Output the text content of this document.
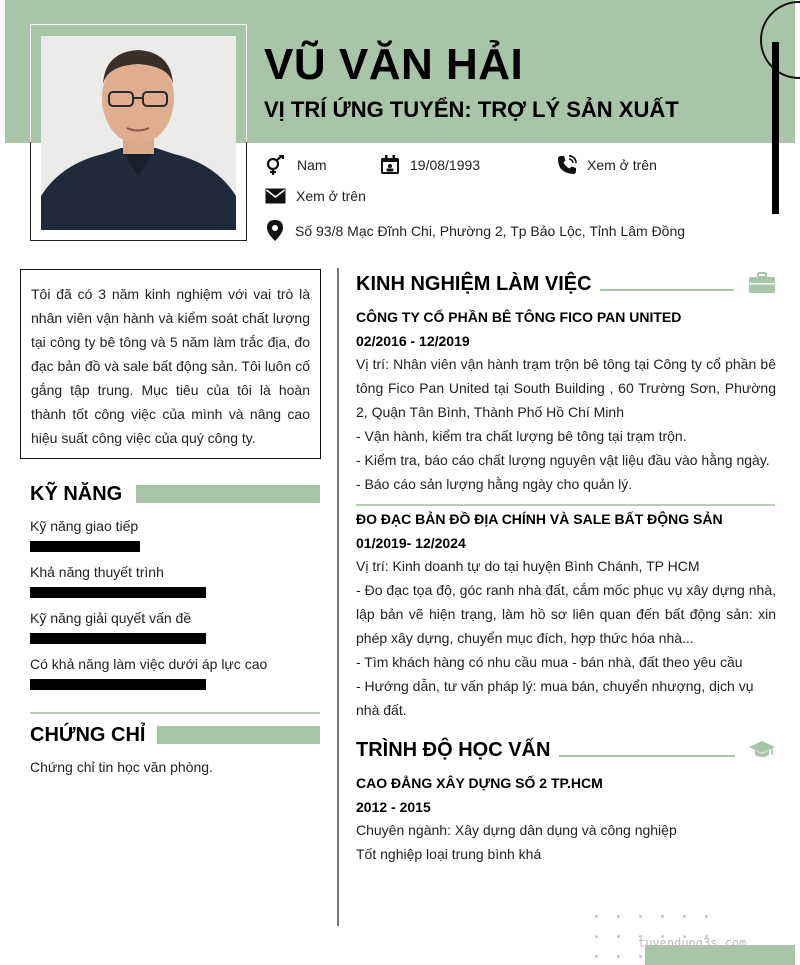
VŨ VĂN HẢI
VỊ TRÍ ỨNG TUYỂN: TRỢ LÝ SẢN XUẤT
Nam	19/08/1993	Xem ở trên
Xem ở trên
Số 93/8 Mạc Đĩnh Chi, Phường 2, Tp Bảo Lộc, Tỉnh Lâm Đồng
Tôi đã có 3 năm kinh nghiệm với vai trò là nhân viên vận hành và kiểm soát chất lượng tại công ty bê tông và 5 năm làm trắc địa, đo đạc bản đồ và sale bất động sản. Tôi luôn cố gắng tập trung. Mục tiêu của tôi là hoàn thành tốt công việc của mình và nâng cao hiệu suất công việc của quý công ty.
KỸ NĂNG
Kỹ năng giao tiếp
Khả năng thuyết trình
Kỹ năng giải quyết vấn đề
Có khả năng làm việc dưới áp lực cao
CHỨNG CHỈ
Chứng chỉ tin học văn phòng.
KINH NGHIỆM LÀM VIỆC
CÔNG TY CỔ PHẦN BÊ TÔNG FICO PAN UNITED
02/2016 - 12/2019
Vị trí: Nhân viên vận hành trạm trộn bê tông tại Công ty cổ phần bê tông Fico Pan United tại South Building , 60 Trường Sơn, Phường 2, Quận Tân Bình, Thành Phố Hồ Chí Minh
- Vận hành, kiểm tra chất lượng bê tông tại trạm trộn.
- Kiểm tra, báo cáo chất lượng nguyên vật liệu đầu vào hằng ngày.
- Báo cáo sản lượng hằng ngày cho quản lý.
ĐO ĐẠC BẢN ĐỒ ĐỊA CHÍNH VÀ SALE BẤT ĐỘNG SẢN
01/2019- 12/2024
Vị trí: Kinh doanh tự do tại huyện Bình Chánh, TP HCM
- Đo đạc tọa độ, góc ranh nhà đất, cắm mốc phục vụ xây dựng nhà, lập bản vẽ hiện trạng, làm hồ sơ liên quan đến bất động sản: xin phép xây dựng, chuyển mục đích, hợp thức hóa nhà...
- Tìm khách hàng có nhu cầu mua - bán nhà, đất theo yêu cầu
- Hướng dẫn, tư vấn pháp lý: mua bán, chuyển nhượng, dịch vụ nhà đất.
TRÌNH ĐỘ HỌC VẤN
CAO ĐẲNG XÂY DỰNG SỐ 2 TP.HCM
2012 - 2015
Chuyên ngành: Xây dựng dân dụng và công nghiệp
Tốt nghiệp loại trung bình khá
tuyendung3s.com
